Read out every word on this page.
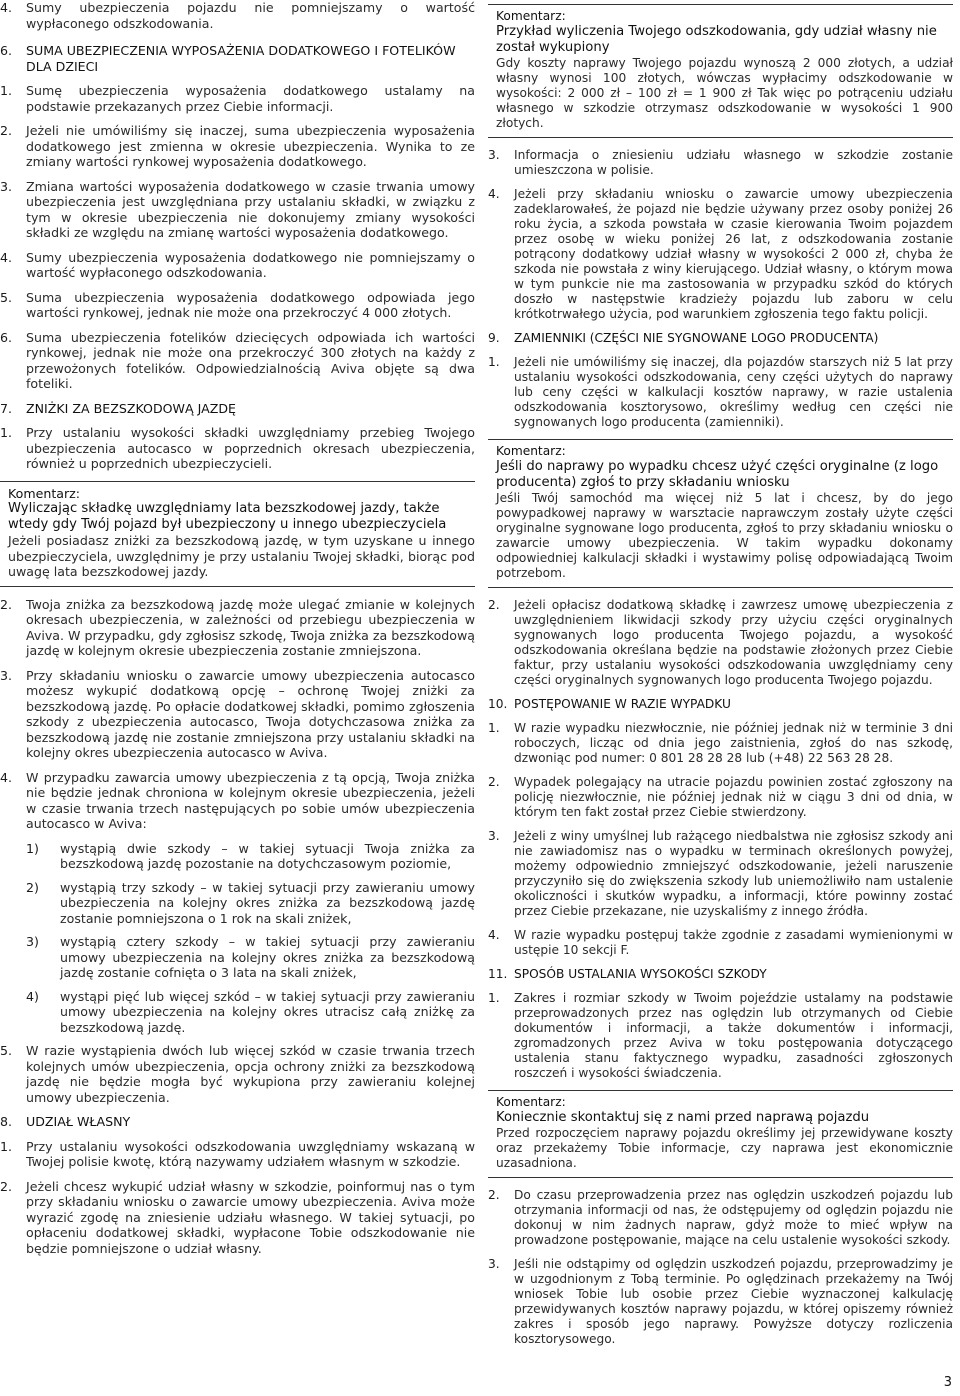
4.	Sumy ubezpieczenia pojazdu nie pomniejszamy o wartość wypłaconego odszkodowania.
6.	SUMA UBEZPIECZENIA WYPOSAŻENIA DODATKOWEGO I FOTELIKÓW DLA DZIECI
1.	Sumę ubezpieczenia wyposażenia dodatkowego ustalamy na podstawie przekazanych przez Ciebie informacji.
2.	Jeżeli nie umówiliśmy się inaczej, suma ubezpieczenia wyposażenia dodatkowego jest zmienna w okresie ubezpieczenia. Wynika to ze zmiany wartości rynkowej wyposażenia dodatkowego.
3.	Zmiana wartości wyposażenia dodatkowego w czasie trwania umowy ubezpieczenia jest uwzględniana przy ustalaniu składki, w związku z tym w okresie ubezpieczenia nie dokonujemy zmiany wysokości składki ze względu na zmianę wartości wyposażenia dodatkowego.
4.	Sumy ubezpieczenia wyposażenia dodatkowego nie pomniejszamy o wartość wypłaconego odszkodowania.
5.	Suma ubezpieczenia wyposażenia dodatkowego odpowiada jego wartości rynkowej, jednak nie może ona przekroczyć 4 000 złotych.
6.	Suma ubezpieczenia fotelików dziecięcych odpowiada ich wartości rynkowej, jednak nie może ona przekroczyć 300 złotych na każdy z przewożonych fotelików. Odpowiedzialnością Aviva objęte są dwa foteliki.
7.	ZNIŻKI ZA BEZSZKODOWĄ JAZDĘ
1.	Przy ustalaniu wysokości składki uwzględniamy przebieg Twojego ubezpieczenia autocasco w poprzednich okresach ubezpieczenia, również u poprzednich ubezpieczycieli.
Komentarz:
Wyliczając składkę uwzględniamy lata bezszkodowej jazdy, także wtedy gdy Twój pojazd był ubezpieczony u innego ubezpieczyciela
Jeżeli posiadasz zniżki za bezszkodową jazdę, w tym uzyskane u innego ubezpieczyciela, uwzględnimy je przy ustalaniu Twojej składki, biorąc pod uwagę lata bezszkodowej jazdy.
2.	Twoja zniżka za bezszkodową jazdę może ulegać zmianie w kolejnych okresach ubezpieczenia, w zależności od przebiegu ubezpieczenia w Aviva. W przypadku, gdy zgłosisz szkodę, Twoja zniżka za bezszkodową jazdę w kolejnym okresie ubezpieczenia zostanie zmniejszona.
3.	Przy składaniu wniosku o zawarcie umowy ubezpieczenia autocasco możesz wykupić dodatkową opcję – ochronę Twojej zniżki za bezszkodową jazdę. Po opłacie dodatkowej składki, pomimo zgłoszenia szkody z ubezpieczenia autocasco, Twoja dotychczasowa zniżka za bezszkodową jazdę nie zostanie zmniejszona przy ustalaniu składki na kolejny okres ubezpieczenia autocasco w Aviva.
4.	W przypadku zawarcia umowy ubezpieczenia z tą opcją, Twoja zniżka nie będzie jednak chroniona w kolejnym okresie ubezpieczenia, jeżeli w czasie trwania trzech następujących po sobie umów ubezpieczenia autocasco w Aviva:
1)	wystąpią dwie szkody – w takiej sytuacji Twoja zniżka za bezszkodową jazdę pozostanie na dotychczasowym poziomie,
2)	wystąpią trzy szkody – w takiej sytuacji przy zawieraniu umowy ubezpieczenia na kolejny okres zniżka za bezszkodową jazdę zostanie pomniejszona o 1 rok na skali zniżek,
3)	wystąpią cztery szkody – w takiej sytuacji przy zawieraniu umowy ubezpieczenia na kolejny okres zniżka za bezszkodową jazdę zostanie cofnięta o 3 lata na skali zniżek,
4)	wystąpi pięć lub więcej szkód – w takiej sytuacji przy zawieraniu umowy ubezpieczenia na kolejny okres utracisz całą zniżkę za bezszkodową jazdę.
5.	W razie wystąpienia dwóch lub więcej szkód w czasie trwania trzech kolejnych umów ubezpieczenia, opcja ochrony zniżki za bezszkodową jazdę nie będzie mogła być wykupiona przy zawieraniu kolejnej umowy ubezpieczenia.
8.	UDZIAŁ WŁASNY
1.	Przy ustalaniu wysokości odszkodowania uwzględniamy wskazaną w Twojej polisie kwotę, którą nazywamy udziałem własnym w szkodzie.
2.	Jeżeli chcesz wykupić udział własny w szkodzie, poinformuj nas o tym przy składaniu wniosku o zawarcie umowy ubezpieczenia. Aviva może wyrazić zgodę na zniesienie udziału własnego. W takiej sytuacji, po opłaceniu dodatkowej składki, wypłacone Tobie odszkodowanie nie będzie pomniejszone o udział własny.
Komentarz:
Przykład wyliczenia Twojego odszkodowania, gdy udział własny nie został wykupiony
Gdy koszty naprawy Twojego pojazdu wynoszą 2 000 złotych, a udział własny wynosi 100 złotych, wówczas wypłacimy odszkodowanie w wysokości: 2 000 zł – 100 zł = 1 900 zł Tak więc po potrąceniu udziału własnego w szkodzie otrzymasz odszkodowanie w wysokości 1 900 złotych.
3.	Informacja o zniesieniu udziału własnego w szkodzie zostanie umieszczona w polisie.
4.	Jeżeli przy składaniu wniosku o zawarcie umowy ubezpieczenia zadeklarowałeś, że pojazd nie będzie używany przez osoby poniżej 26 roku życia, a szkoda powstała w czasie kierowania Twoim pojazdem przez osobę w wieku poniżej 26 lat, z odszkodowania zostanie potrącony dodatkowy udział własny w wysokości 2 000 zł, chyba że szkoda nie powstała z winy kierującego. Udział własny, o którym mowa w tym punkcie nie ma zastosowania w przypadku szkód do których doszło w następstwie kradzieży pojazdu lub zaboru w celu krótkotrwałego użycia, pod warunkiem zgłoszenia tego faktu policji.
9.	ZAMIENNIKI (CZĘŚCI NIE SYGNOWANE LOGO PRODUCENTA)
1.	Jeżeli nie umówiliśmy się inaczej, dla pojazdów starszych niż 5 lat przy ustalaniu wysokości odszkodowania, ceny części użytych do naprawy lub ceny części w kalkulacji kosztów naprawy, w razie ustalenia odszkodowania kosztorysowo, określimy według cen części nie sygnowanych logo producenta (zamienniki).
Komentarz:
Jeśli do naprawy po wypadku chcesz użyć części oryginalne (z logo producenta) zgłoś to przy składaniu wniosku
Jeśli Twój samochód ma więcej niż 5 lat i chcesz, by do jego powypadkowej naprawy w warsztacie naprawczym zostały użyte części oryginalne sygnowane logo producenta, zgłoś to przy składaniu wniosku o zawarcie umowy ubezpieczenia. W takim wypadku dokonamy odpowiedniej kalkulacji składki i wystawimy polisę odpowiadającą Twoim potrzebom.
2.	Jeżeli opłacisz dodatkową składkę i zawrzesz umowę ubezpieczenia z uwzględnieniem likwidacji szkody przy użyciu części oryginalnych sygnowanych logo producenta Twojego pojazdu, a wysokość odszkodowania określana będzie na podstawie złożonych przez Ciebie faktur, przy ustalaniu wysokości odszkodowania uwzględniamy ceny części oryginalnych sygnowanych logo producenta Twojego pojazdu.
10. POSTĘPOWANIE W RAZIE WYPADKU
1.	W razie wypadku niezwłocznie, nie później jednak niż w terminie 3 dni roboczych, licząc od dnia jego zaistnienia, zgłoś do nas szkodę, dzwoniąc pod numer: 0 801 28 28 28 lub (+48) 22 563 28 28.
2.	Wypadek polegający na utracie pojazdu powinien zostać zgłoszony na policję niezwłocznie, nie później jednak niż w ciągu 3 dni od dnia, w którym ten fakt został przez Ciebie stwierdzony.
3.	Jeżeli z winy umyślnej lub rażącego niedbalstwa nie zgłosisz szkody ani nie zawiadomisz nas o wypadku w terminach określonych powyżej, możemy odpowiednio zmniejszyć odszkodowanie, jeżeli naruszenie przyczyniło się do zwiększenia szkody lub uniemożliwiło nam ustalenie okoliczności i skutków wypadku, a informacji, które powinny zostać przez Ciebie przekazane, nie uzyskaliśmy z innego źródła.
4.	W razie wypadku postępuj także zgodnie z zasadami wymienionymi w ustępie 10 sekcji F.
11. SPOSÓB USTALANIA WYSOKOŚCI SZKODY
1.	Zakres i rozmiar szkody w Twoim pojeździe ustalamy na podstawie przeprowadzonych przez nas oględzin lub otrzymanych od Ciebie dokumentów i informacji, a także dokumentów i informacji, zgromadzonych przez Aviva w toku postępowania dotyczącego ustalenia stanu faktycznego wypadku, zasadności zgłoszonych roszczeń i wysokości świadczenia.
Komentarz:
Koniecznie skontaktuj się z nami przed naprawą pojazdu
Przed rozpoczęciem naprawy pojazdu określimy jej przewidywane koszty oraz przekażemy Tobie informacje, czy naprawa jest ekonomicznie uzasadniona.
2.	Do czasu przeprowadzenia przez nas oględzin uszkodzeń pojazdu lub otrzymania informacji od nas, że odstępujemy od oględzin pojazdu nie dokonuj w nim żadnych napraw, gdyż może to mieć wpływ na prowadzone postępowanie, mające na celu ustalenie wysokości szkody.
3.	Jeśli nie odstąpimy od oględzin uszkodzeń pojazdu, przeprowadzimy je w uzgodnionym z Tobą terminie. Po oględzinach przekażemy na Twój wniosek Tobie lub osobie przez Ciebie wyznaczonej kalkulację przewidywanych kosztów naprawy pojazdu, w której opiszemy również zakres i sposób jego naprawy. Powyższe dotyczy rozliczenia kosztorysowego.
3
